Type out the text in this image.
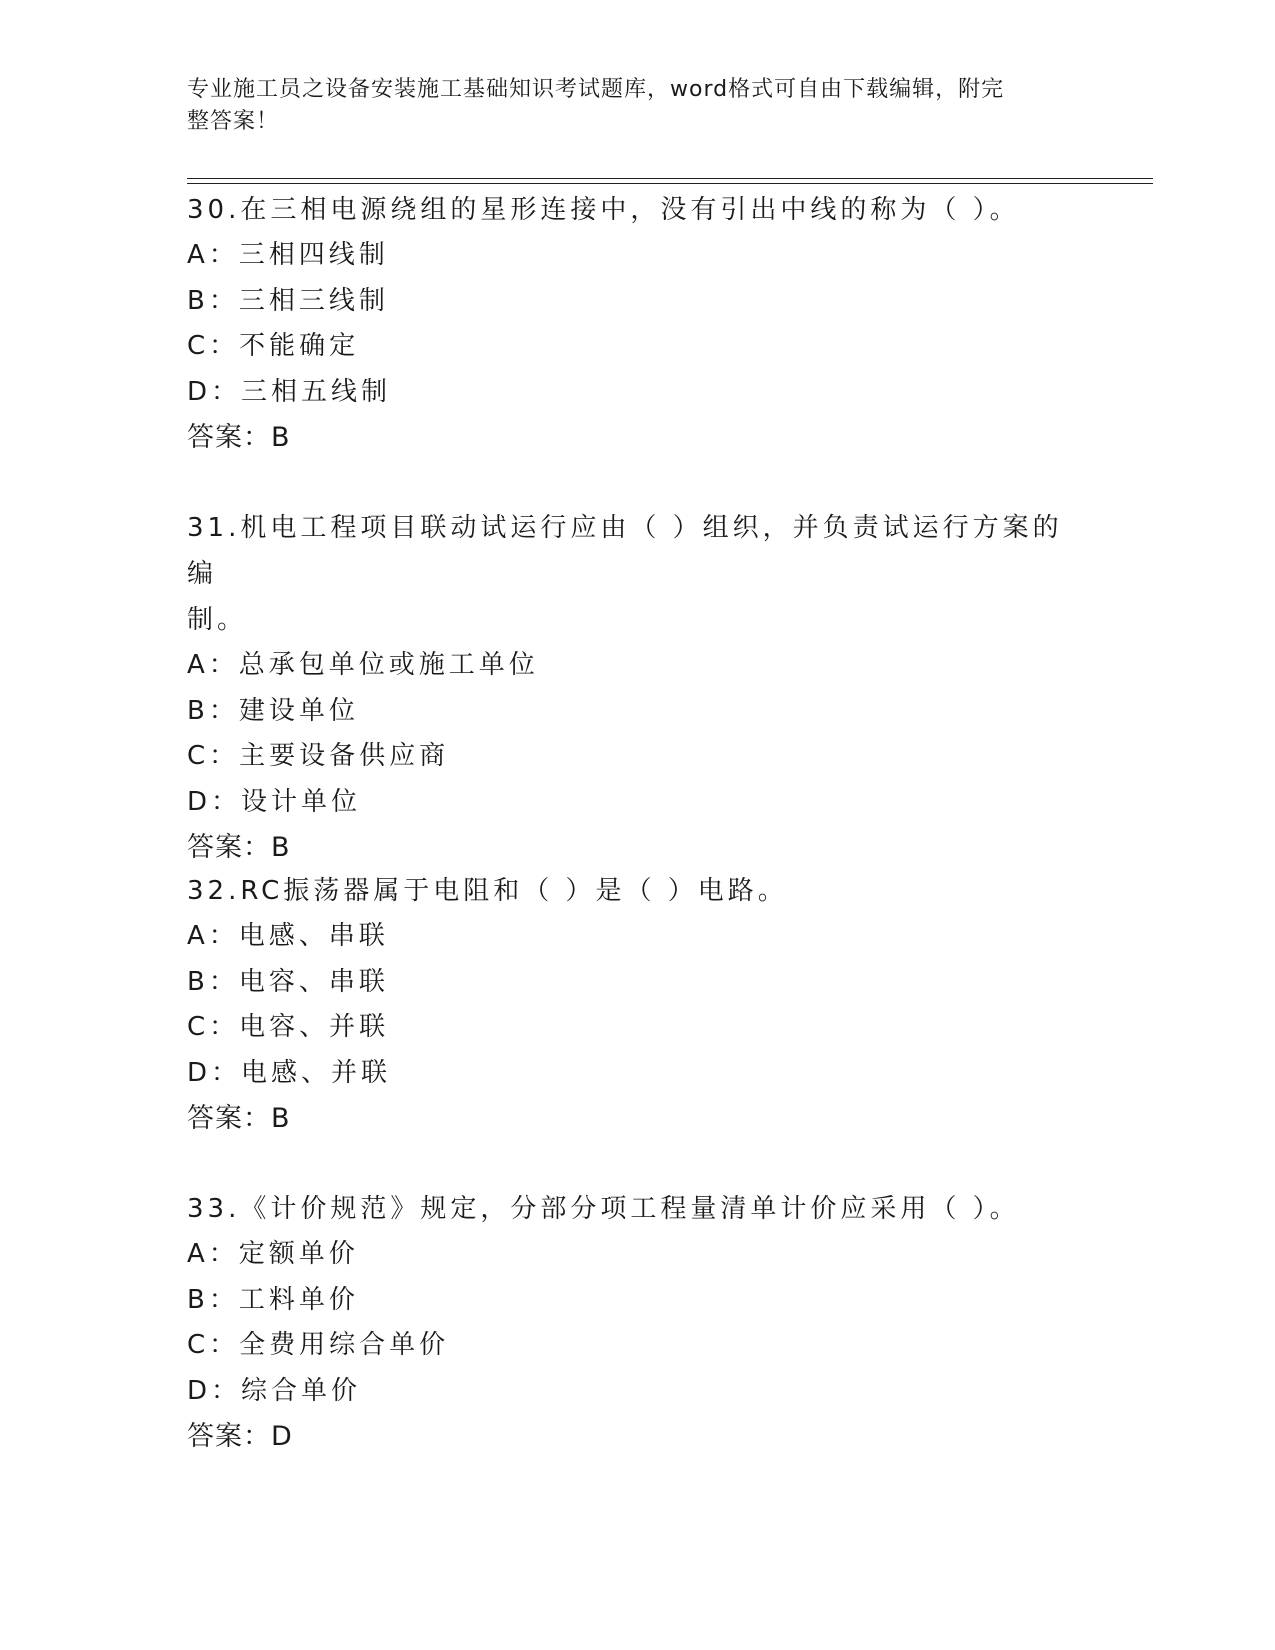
专业施工员之设备安装施工基础知识考试题库，word格式可自由下载编辑，附完
整答案！

30.在三相电源绕组的星形连接中，没有引出中线的称为（ ）。

A：三相四线制

B：三相三线制

C：不能确定

D：三相五线制

答案：B

31.机电工程项目联动试运行应由（ ）组织，并负责试运行方案的编

制。

A：总承包单位或施工单位

B：建设单位

C：主要设备供应商

D：设计单位

答案：B

32.RC振荡器属于电阻和（ ）是（ ）电路。

A：电感、串联

B：电容、串联

C：电容、并联

D：电感、并联

答案：B

33.《计价规范》规定，分部分项工程量清单计价应采用（ ）。

A：定额单价

B：工料单价

C：全费用综合单价

D：综合单价

答案：D
